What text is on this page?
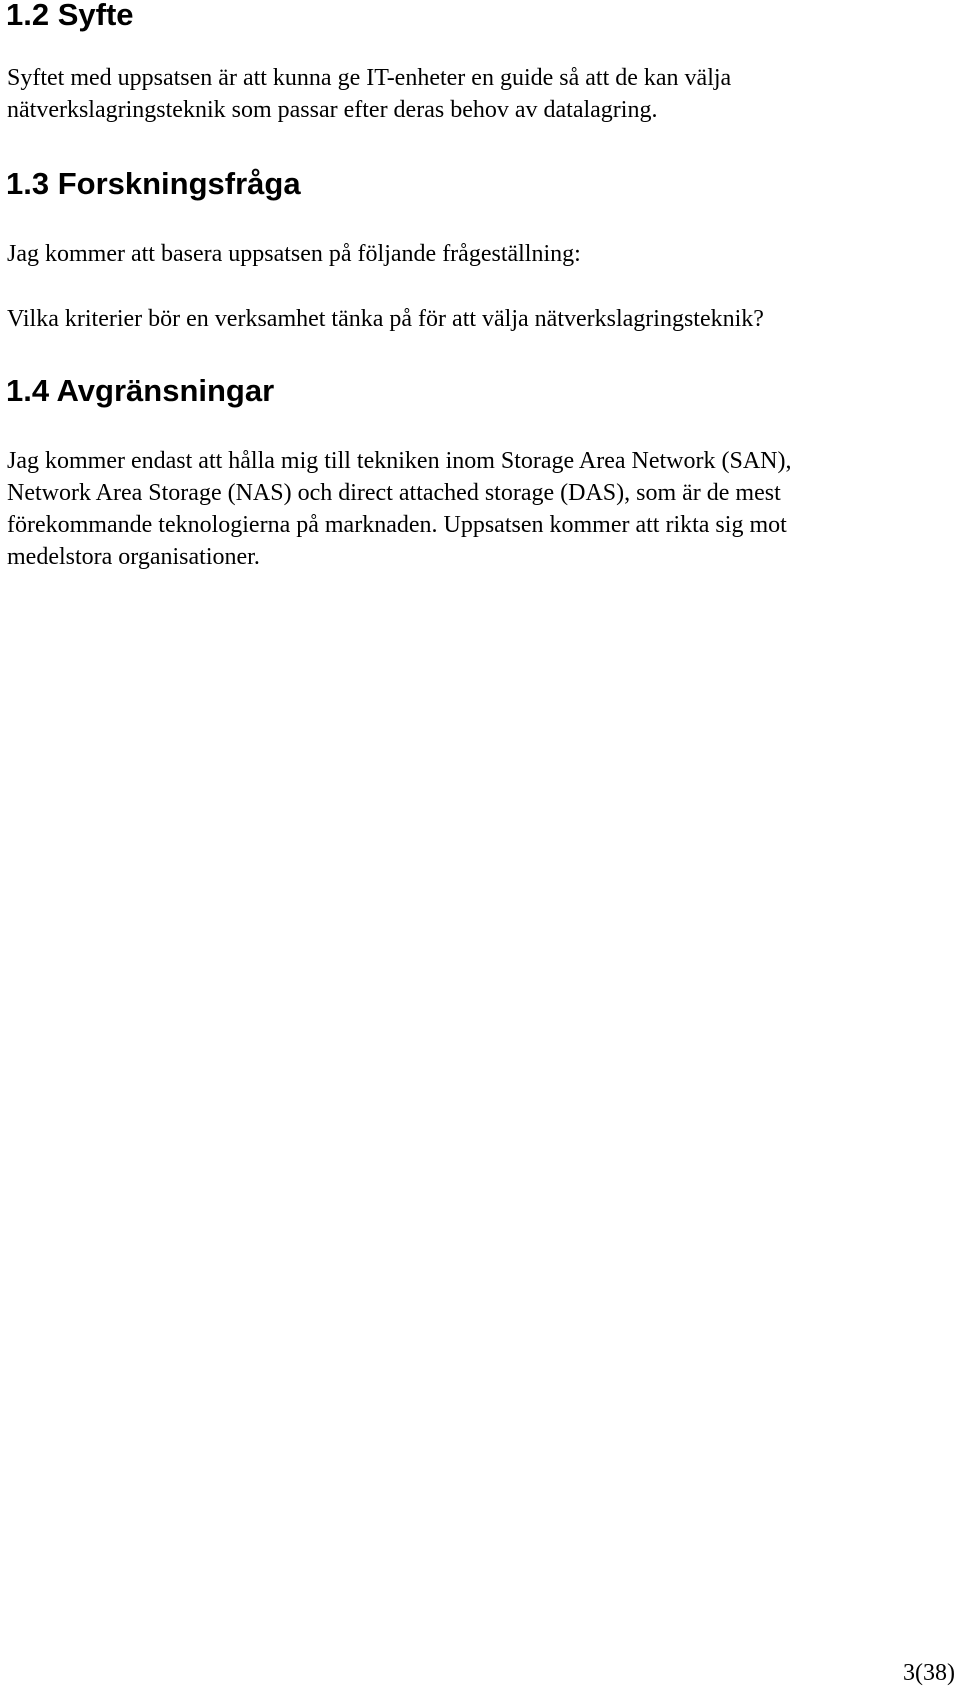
1.2 Syfte

Syftet med uppsatsen är att kunna ge IT-enheter en guide så att de kan välja
nätverkslagringsteknik som passar efter deras behov av datalagring.

1.3 Forskningsfråga

Jag kommer att basera uppsatsen på följande frågeställning:

Vilka kriterier bör en verksamhet tänka på för att välja nätverkslagringsteknik?

1.4 Avgränsningar

Jag kommer endast att hålla mig till tekniken inom Storage Area Network (SAN),
Network Area Storage (NAS) och direct attached storage (DAS), som är de mest
förekommande teknologierna på marknaden. Uppsatsen kommer att rikta sig mot
medelstora organisationer.

3(38)
